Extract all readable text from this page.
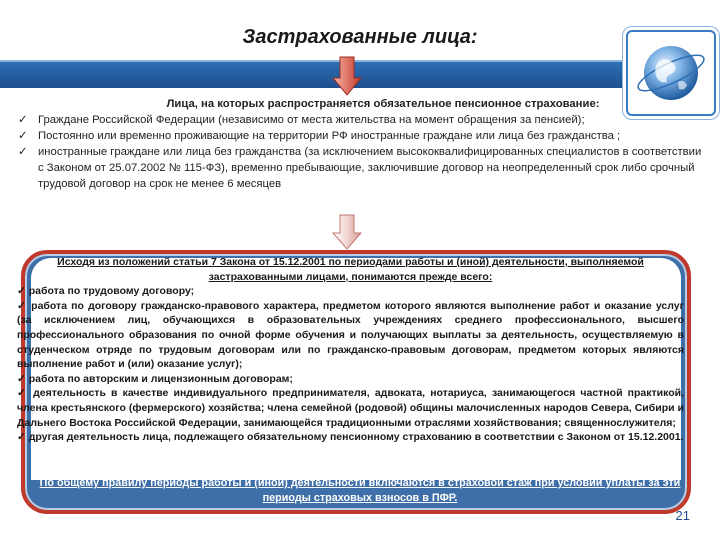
Застрахованные лица:
Лица, на которых распространяется обязательное пенсионное страхование:
✓ Граждане Российской Федерации (независимо от места жительства на момент обращения за пенсией);
✓ Постоянно или временно проживающие на территории РФ иностранные граждане или лица без гражданства ;
✓ иностранные граждане или лица без гражданства (за исключением высококвалифицированных специалистов в соответствии с Законом от 25.07.2002 № 115-ФЗ), временно пребывающие, заключившие договор на неопределенный срок либо срочный трудовой договор на срок не менее 6 месяцев
Исходя из положений статьи 7 Закона от 15.12.2001 по периодами работы и (иной) деятельности, выполняемой застрахованными лицами, понимаются прежде всего:
✓ работа по трудовому договору;
✓ работа по договору гражданско-правового характера, предметом которого являются выполнение работ и оказание услуг (за исключением лиц, обучающихся в образовательных учреждениях среднего профессионального, высшего профессионального образования по очной форме обучения и получающих выплаты за деятельность, осуществляемую в студенческом отряде по трудовым договорам или по гражданско-правовым договорам, предметом которых являются выполнение работ и (или) оказание услуг);
✓ работа по авторским и лицензионным договорам;
✓ деятельность в качестве индивидуального предпринимателя, адвоката, нотариуса, занимающегося частной практикой, члена крестьянского (фермерского) хозяйства; члена семейной (родовой) общины малочисленных народов Севера, Сибири и Дальнего Востока Российской Федерации, занимающейся традиционными отраслями хозяйствования; священнослужителя;
✓ другая деятельность лица, подлежащего обязательному пенсионному страхованию в соответствии с Законом от 15.12.2001.
По общему правилу периоды работы и (иной) деятельности включаются в страховой стаж при условии уплаты за эти периоды страховых взносов в ПФР.
21
